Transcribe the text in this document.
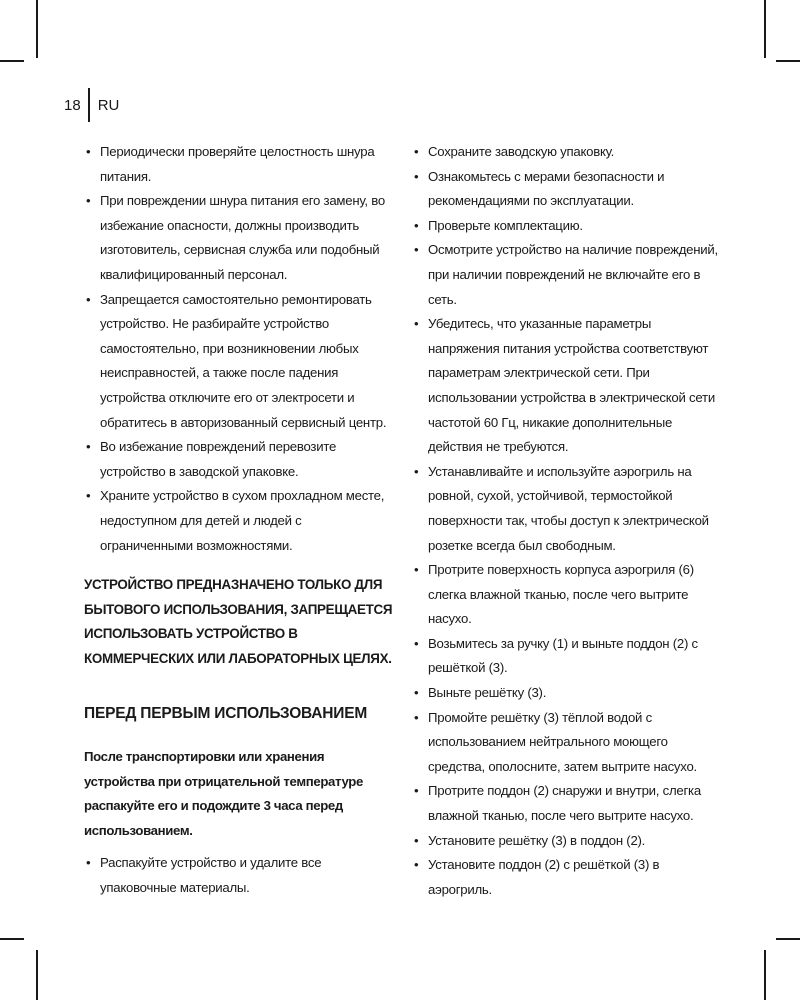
18	RU
• Периодически проверяйте целостность шнура питания.
• При повреждении шнура питания его замену, во избежание опасности, должны производить изготовитель, сервисная служба или подобный квалифицированный персонал.
• Запрещается самостоятельно ремонтировать устройство. Не разбирайте устройство самостоятельно, при возникновении любых неисправностей, а также после падения устройства отключите его от электросети и обратитесь в авторизованный сервисный центр.
• Во избежание повреждений перевозите устройство в заводской упаковке.
• Храните устройство в сухом прохладном месте, недоступном для детей и людей с ограниченными возможностями.
УСТРОЙСТВО ПРЕДНАЗНАЧЕНО ТОЛЬКО ДЛЯ БЫТОВОГО ИСПОЛЬЗОВАНИЯ, ЗАПРЕЩАЕТСЯ ИСПОЛЬЗОВАТЬ УСТРОЙСТВО В КОММЕРЧЕСКИХ ИЛИ ЛАБОРАТОРНЫХ ЦЕЛЯХ.
ПЕРЕД ПЕРВЫМ ИСПОЛЬЗОВАНИЕМ
После транспортировки или хранения устройства при отрицательной температуре распакуйте его и подождите 3 часа перед использованием.
• Распакуйте устройство и удалите все упаковочные материалы.
• Сохраните заводскую упаковку.
• Ознакомьтесь с мерами безопасности и рекомендациями по эксплуатации.
• Проверьте комплектацию.
• Осмотрите устройство на наличие повреждений, при наличии повреждений не включайте его в сеть.
• Убедитесь, что указанные параметры напряжения питания устройства соответствуют параметрам электрической сети. При использовании устройства в электрической сети частотой 60 Гц, никакие дополнительные действия не требуются.
• Устанавливайте и используйте аэрогриль на ровной, сухой, устойчивой, термостойкой поверхности так, чтобы доступ к электрической розетке всегда был свободным.
• Протрите поверхность корпуса аэрогриля (6) слегка влажной тканью, после чего вытрите насухо.
• Возьмитесь за ручку (1) и выньте поддон (2) с решёткой (3).
• Выньте решётку (3).
• Промойте решётку (3) тёплой водой с использованием нейтрального моющего средства, ополосните, затем вытрите насухо.
• Протрите поддон (2) снаружи и внутри, слегка влажной тканью, после чего вытрите насухо.
• Установите решётку (3) в поддон (2).
• Установите поддон (2) с решёткой (3) в аэрогриль.
